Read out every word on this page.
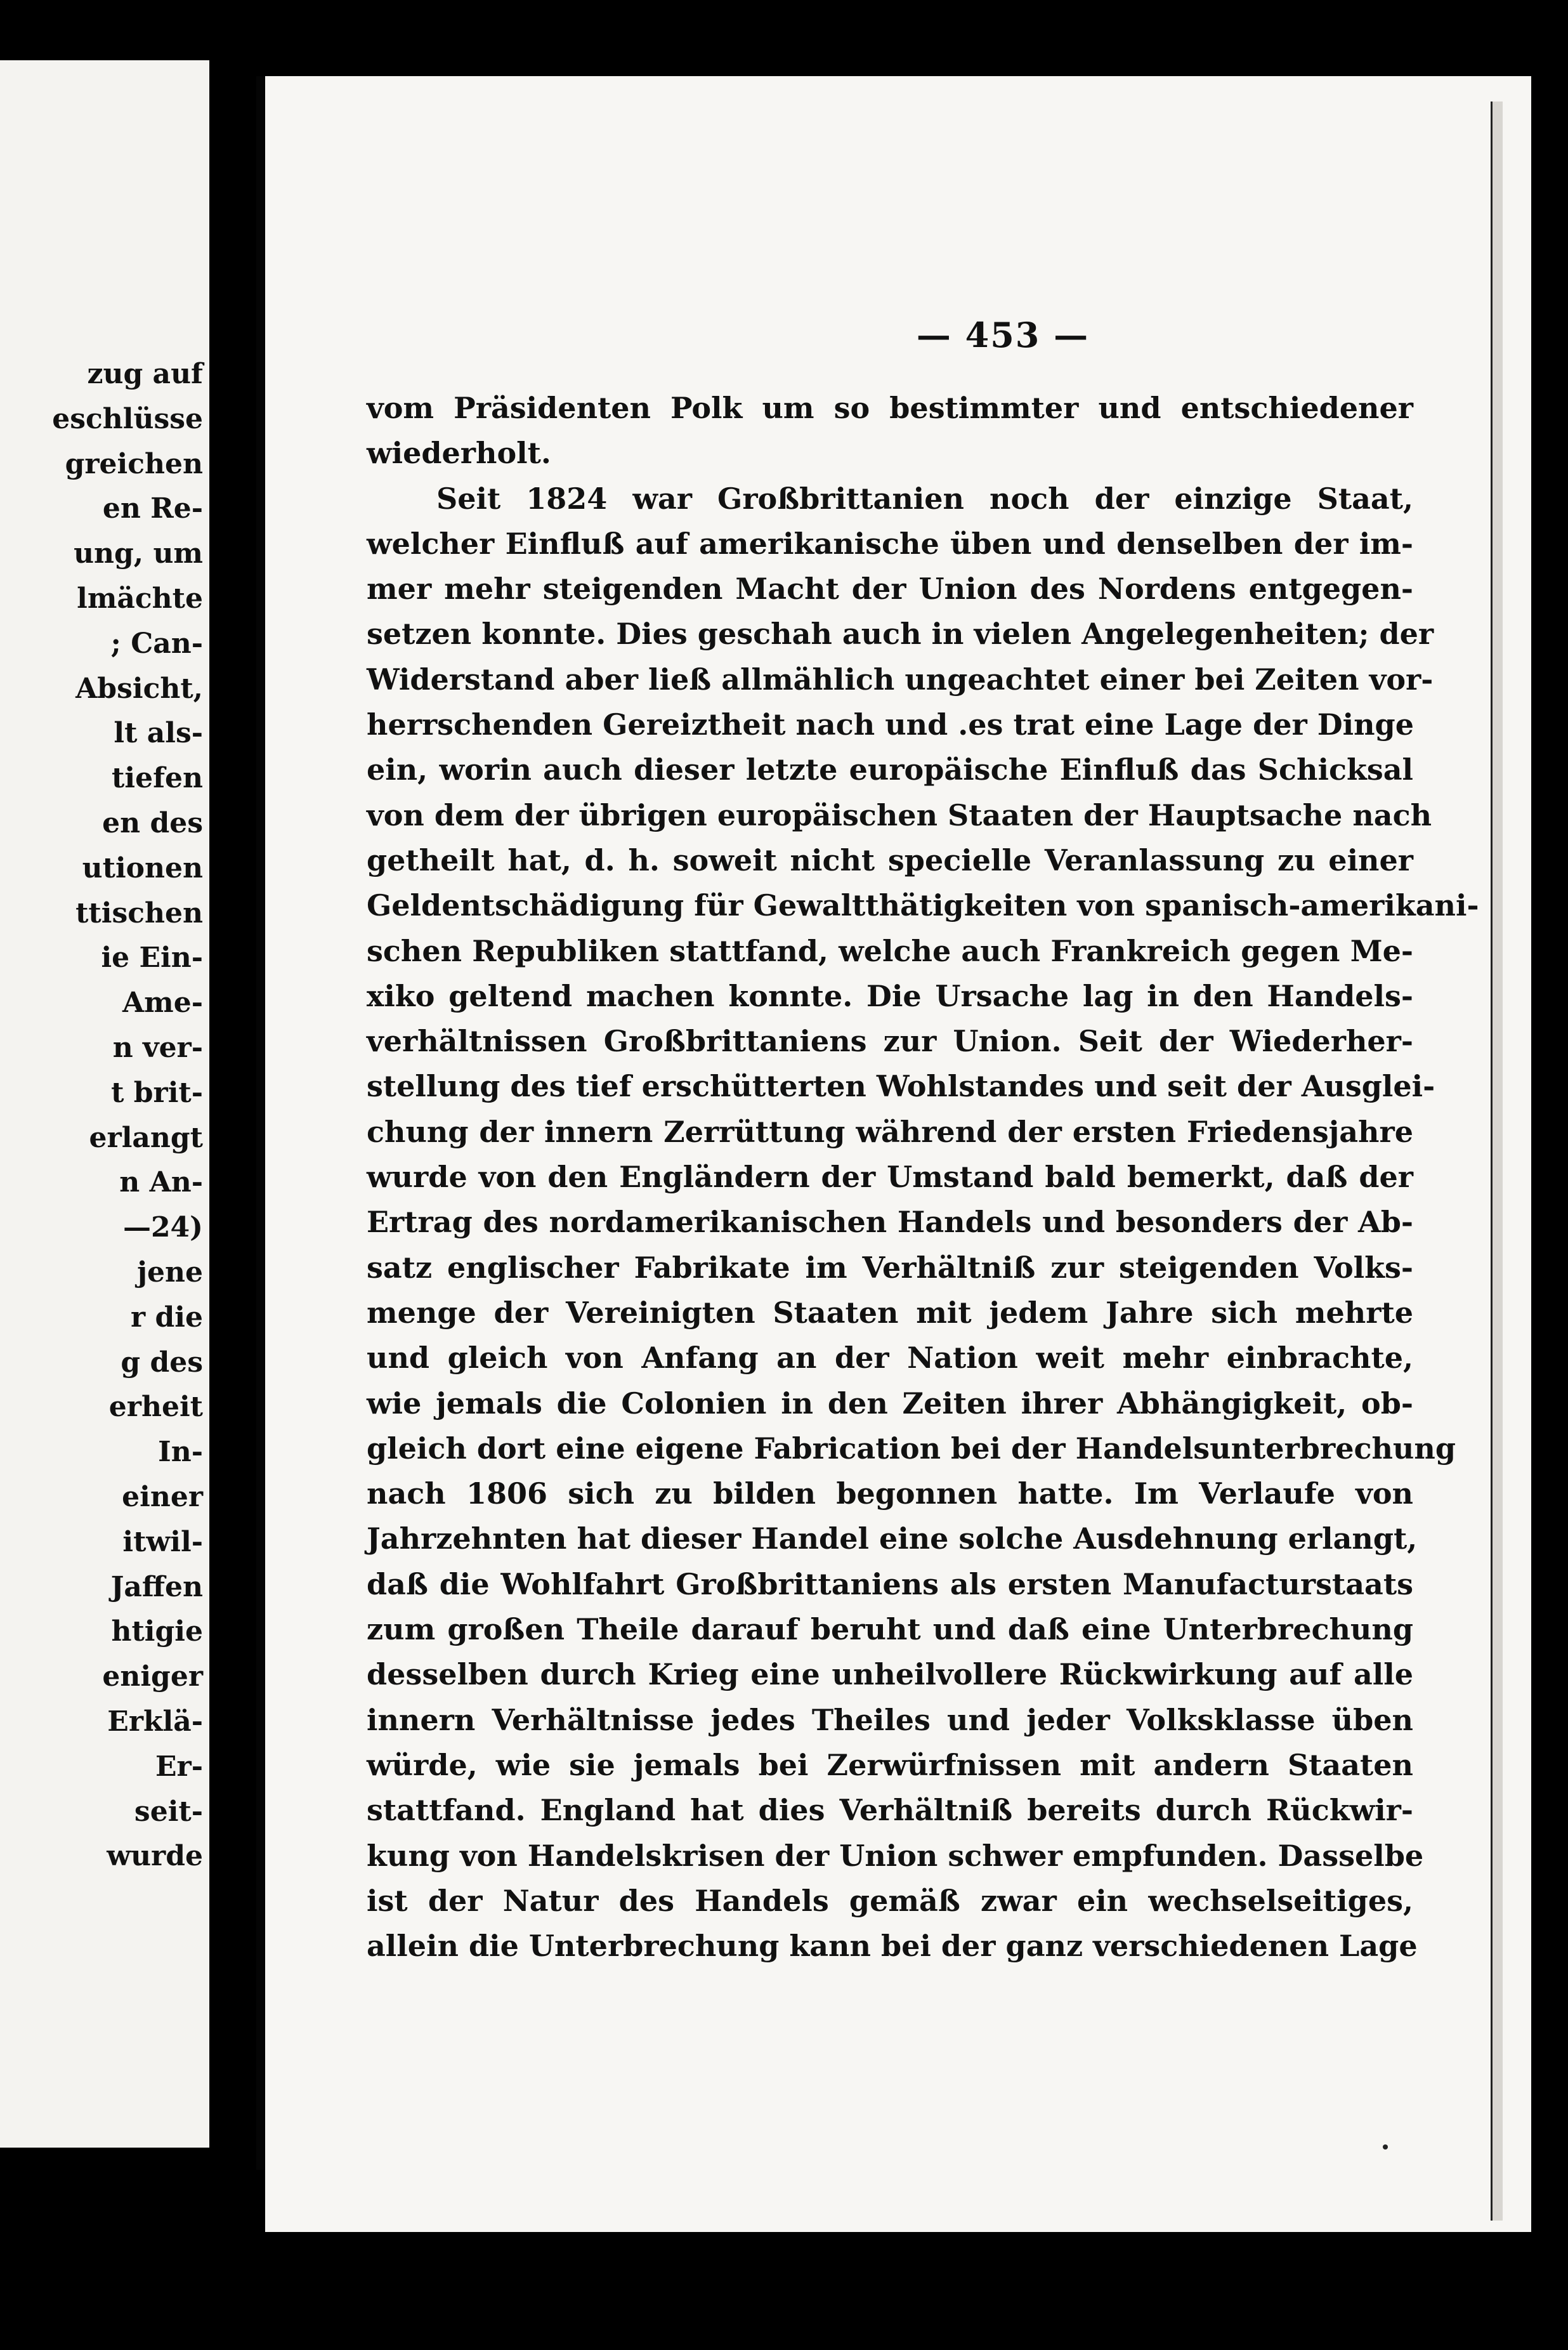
zug auf
eschlüsse
greichen
en Re-
ung, um
lmächte
; Can-
Absicht,
lt als-
tiefen
en des
utionen
ttischen
ie Ein-
Ame-
n ver-
t brit-
erlangt
n An-
—24)
jene
r die
g des
erheit
In-
einer
itwil-
Jaffen
htigie
eniger
Erklä-
Er-
seit-
wurde
— 453 —

vom Präsidenten Polk um so bestimmter und entschiedener
wiederholt.

Seit 1824 war Großbrittanien noch der einzige Staat,
welcher Einfluß auf amerikanische üben und denselben der im-
mer mehr steigenden Macht der Union des Nordens entgegen-
setzen konnte. Dies geschah auch in vielen Angelegenheiten; der
Widerstand aber ließ allmählich ungeachtet einer bei Zeiten vor-
herrschenden Gereiztheit nach und .es trat eine Lage der Dinge
ein, worin auch dieser letzte europäische Einfluß das Schicksal
von dem der übrigen europäischen Staaten der Hauptsache nach
getheilt hat, d. h. soweit nicht specielle Veranlassung zu einer
Geldentschädigung für Gewaltthätigkeiten von spanisch-amerikani-
schen Republiken stattfand, welche auch Frankreich gegen Me-
xiko geltend machen konnte. Die Ursache lag in den Handels-
verhältnissen Großbrittaniens zur Union. Seit der Wiederher-
stellung des tief erschütterten Wohlstandes und seit der Ausglei-
chung der innern Zerrüttung während der ersten Friedensjahre
wurde von den Engländern der Umstand bald bemerkt, daß der
Ertrag des nordamerikanischen Handels und besonders der Ab-
satz englischer Fabrikate im Verhältniß zur steigenden Volks-
menge der Vereinigten Staaten mit jedem Jahre sich mehrte
und gleich von Anfang an der Nation weit mehr einbrachte,
wie jemals die Colonien in den Zeiten ihrer Abhängigkeit, ob-
gleich dort eine eigene Fabrication bei der Handelsunterbrechung
nach 1806 sich zu bilden begonnen hatte. Im Verlaufe von
Jahrzehnten hat dieser Handel eine solche Ausdehnung erlangt,
daß die Wohlfahrt Großbrittaniens als ersten Manufacturstaats
zum großen Theile darauf beruht und daß eine Unterbrechung
desselben durch Krieg eine unheilvollere Rückwirkung auf alle
innern Verhältnisse jedes Theiles und jeder Volksklasse üben
würde, wie sie jemals bei Zerwürfnissen mit andern Staaten
stattfand. England hat dies Verhältniß bereits durch Rückwir-
kung von Handelskrisen der Union schwer empfunden. Dasselbe
ist der Natur des Handels gemäß zwar ein wechselseitiges,
allein die Unterbrechung kann bei der ganz verschiedenen Lage
